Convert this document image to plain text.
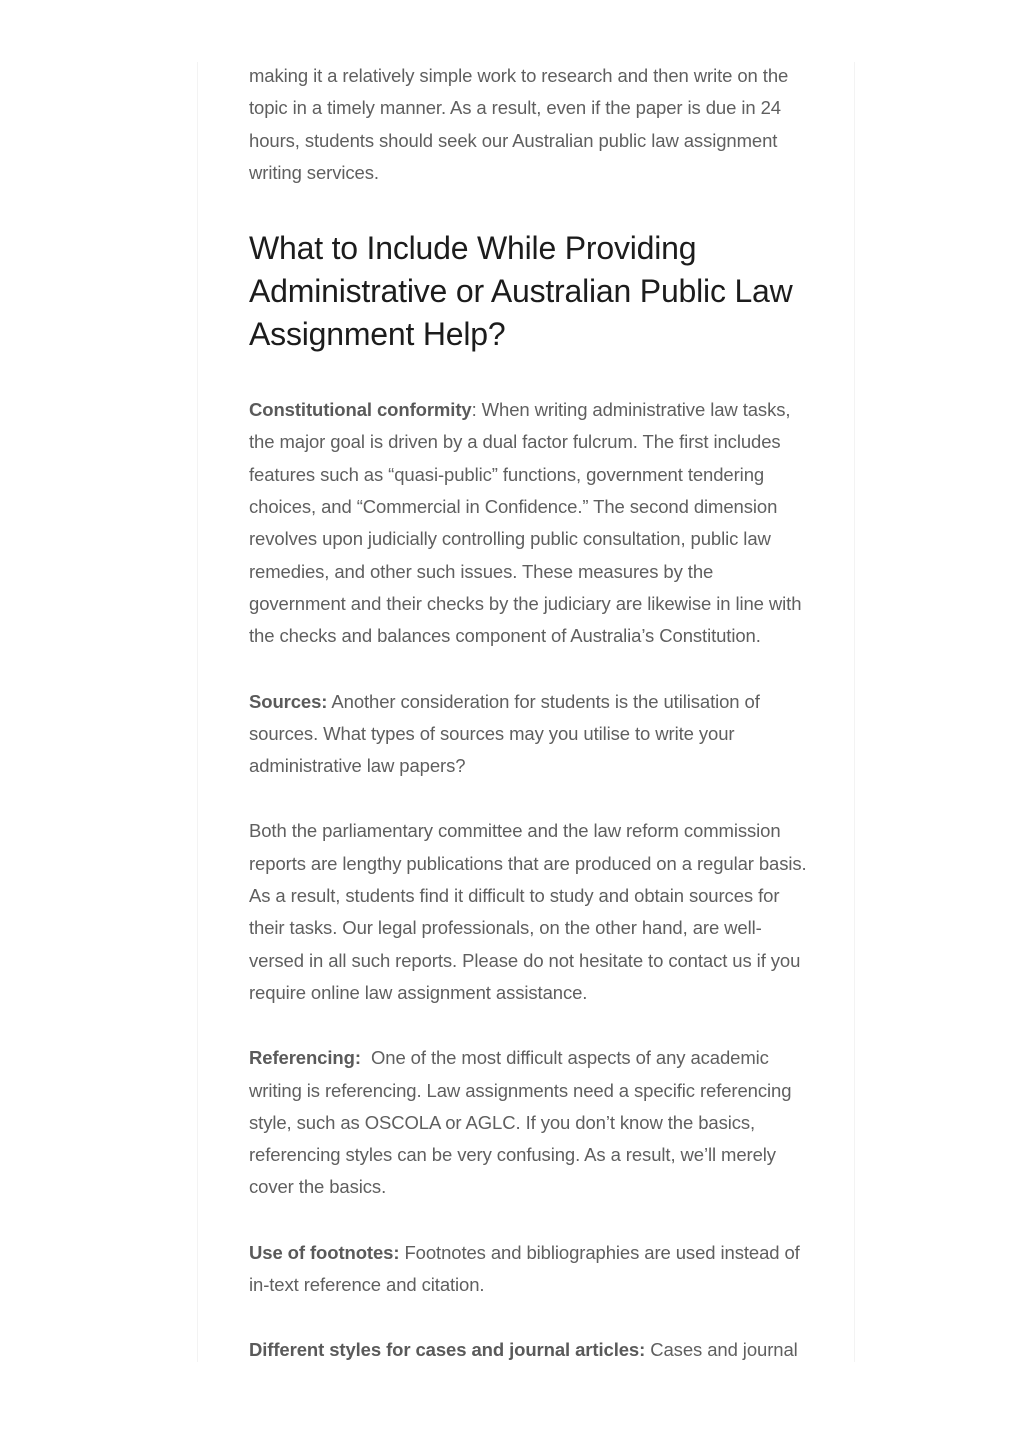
making it a relatively simple work to research and then write on the topic in a timely manner. As a result, even if the paper is due in 24 hours, students should seek our Australian public law assignment writing services.

What to Include While Providing Administrative or Australian Public Law Assignment Help?

Constitutional conformity: When writing administrative law tasks, the major goal is driven by a dual factor fulcrum. The first includes features such as “quasi-public” functions, government tendering choices, and “Commercial in Confidence.” The second dimension revolves upon judicially controlling public consultation, public law remedies, and other such issues. These measures by the government and their checks by the judiciary are likewise in line with the checks and balances component of Australia’s Constitution.

Sources: Another consideration for students is the utilisation of sources. What types of sources may you utilise to write your administrative law papers?

Both the parliamentary committee and the law reform commission reports are lengthy publications that are produced on a regular basis. As a result, students find it difficult to study and obtain sources for their tasks. Our legal professionals, on the other hand, are well-versed in all such reports. Please do not hesitate to contact us if you require online law assignment assistance.

Referencing:  One of the most difficult aspects of any academic writing is referencing. Law assignments need a specific referencing style, such as OSCOLA or AGLC. If you don’t know the basics, referencing styles can be very confusing. As a result, we’ll merely cover the basics.

Use of footnotes: Footnotes and bibliographies are used instead of in-text reference and citation.

Different styles for cases and journal articles: Cases and journal
